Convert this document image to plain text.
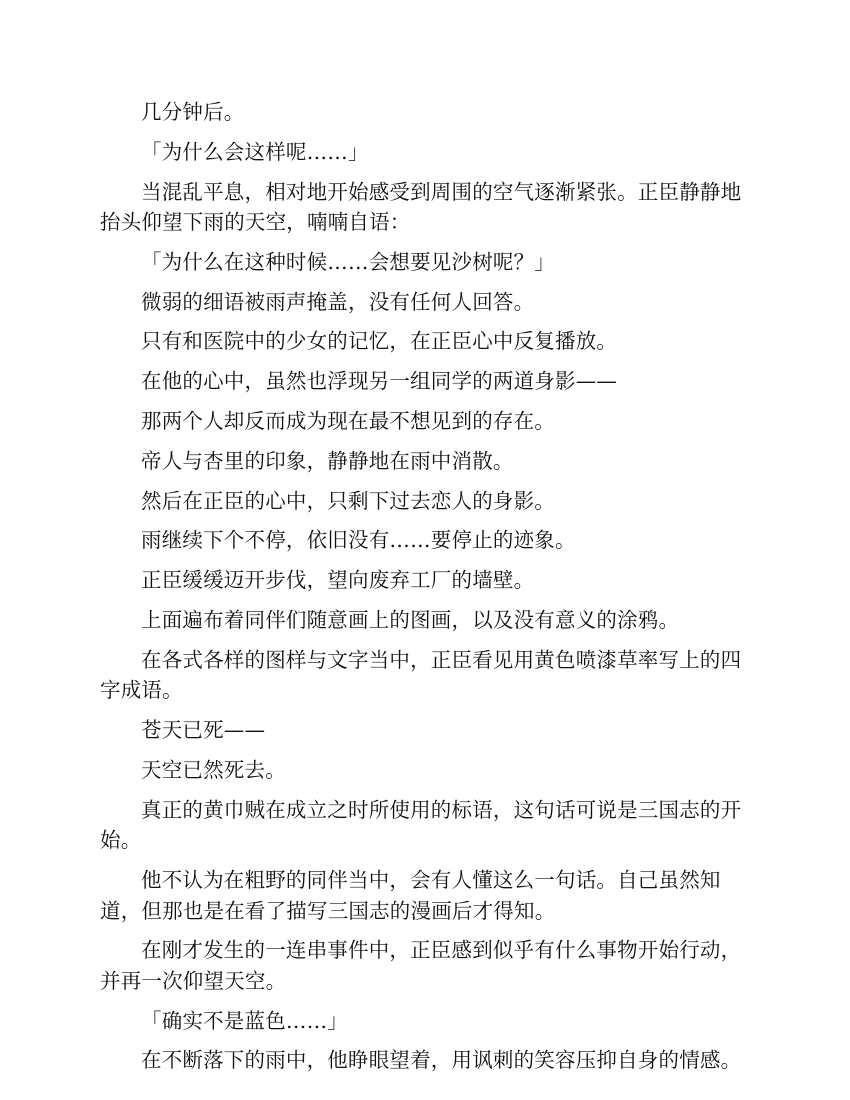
几分钟后。

「为什么会这样呢……」

当混乱平息，相对地开始感受到周围的空气逐渐紧张。正臣静静地抬头仰望下雨的天空，喃喃自语：

「为什么在这种时候……会想要见沙树呢？」

微弱的细语被雨声掩盖，没有任何人回答。

只有和医院中的少女的记忆，在正臣心中反复播放。

在他的心中，虽然也浮现另一组同学的两道身影——

那两个人却反而成为现在最不想见到的存在。

帝人与杏里的印象，静静地在雨中消散。

然后在正臣的心中，只剩下过去恋人的身影。

雨继续下个不停，依旧没有……要停止的迹象。

正臣缓缓迈开步伐，望向废弃工厂的墙壁。

上面遍布着同伴们随意画上的图画，以及没有意义的涂鸦。

在各式各样的图样与文字当中，正臣看见用黄色喷漆草率写上的四字成语。

苍天已死——

天空已然死去。

真正的黄巾贼在成立之时所使用的标语，这句话可说是三国志的开始。

他不认为在粗野的同伴当中，会有人懂这么一句话。自己虽然知道，但那也是在看了描写三国志的漫画后才得知。

在刚才发生的一连串事件中，正臣感到似乎有什么事物开始行动，并再一次仰望天空。

「确实不是蓝色……」

在不断落下的雨中，他睁眼望着，用讽刺的笑容压抑自身的情感。
